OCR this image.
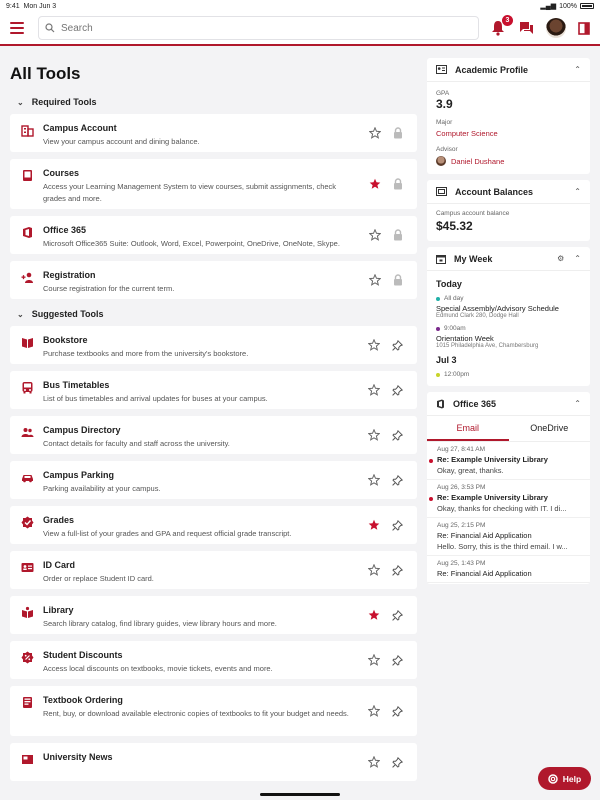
9:41 Mon Jun 3	▂▄▆ 100%
Search
3
All Tools
⌄ Required Tools
Campus Account
View your campus account and dining balance.
Courses
Access your Learning Management System to view courses, submit assignments, check grades and more.
Office 365
Microsoft Office365 Suite: Outlook, Word, Excel, Powerpoint, OneDrive, OneNote, Skype.
Registration
Course registration for the current term.
⌄ Suggested Tools
Bookstore
Purchase textbooks and more from the university's bookstore.
Bus Timetables
List of bus timetables and arrival updates for buses at your campus.
Campus Directory
Contact details for faculty and staff across the university.
Campus Parking
Parking availability at your campus.
Grades
View a full-list of your grades and GPA and request official grade transcript.
ID Card
Order or replace Student ID card.
Library
Search library catalog, find library guides, view library hours and more.
Student Discounts
Access local discounts on textbooks, movie tickets, events and more.
Textbook Ordering
Rent, buy, or download available electronic copies of textbooks to fit your budget and needs.
University News
Academic Profile	⌃
GPA
3.9
Major
Computer Science
Advisor
Daniel Dushane
Account Balances	⌃
Campus account balance
$45.32
My Week	⚙ ⌃
Today
All day
Special Assembly/Advisory Schedule
Edmund Clark 280, Dodge Hall
9:00am
Orientation Week
1015 Philadelphia Ave, Chambersburg
Jul 3
12:00pm
Office 365	⌃
Email	OneDrive
Aug 27, 8:41 AM
Re: Example University Library
Okay, great, thanks.
Aug 26, 3:53 PM
Re: Example University Library
Okay, thanks for checking with IT. I di...
Aug 25, 2:15 PM
Re: Financial Aid Application
Hello. Sorry, this is the third email. I w...
Aug 25, 1:43 PM
Re: Financial Aid Application
Help
